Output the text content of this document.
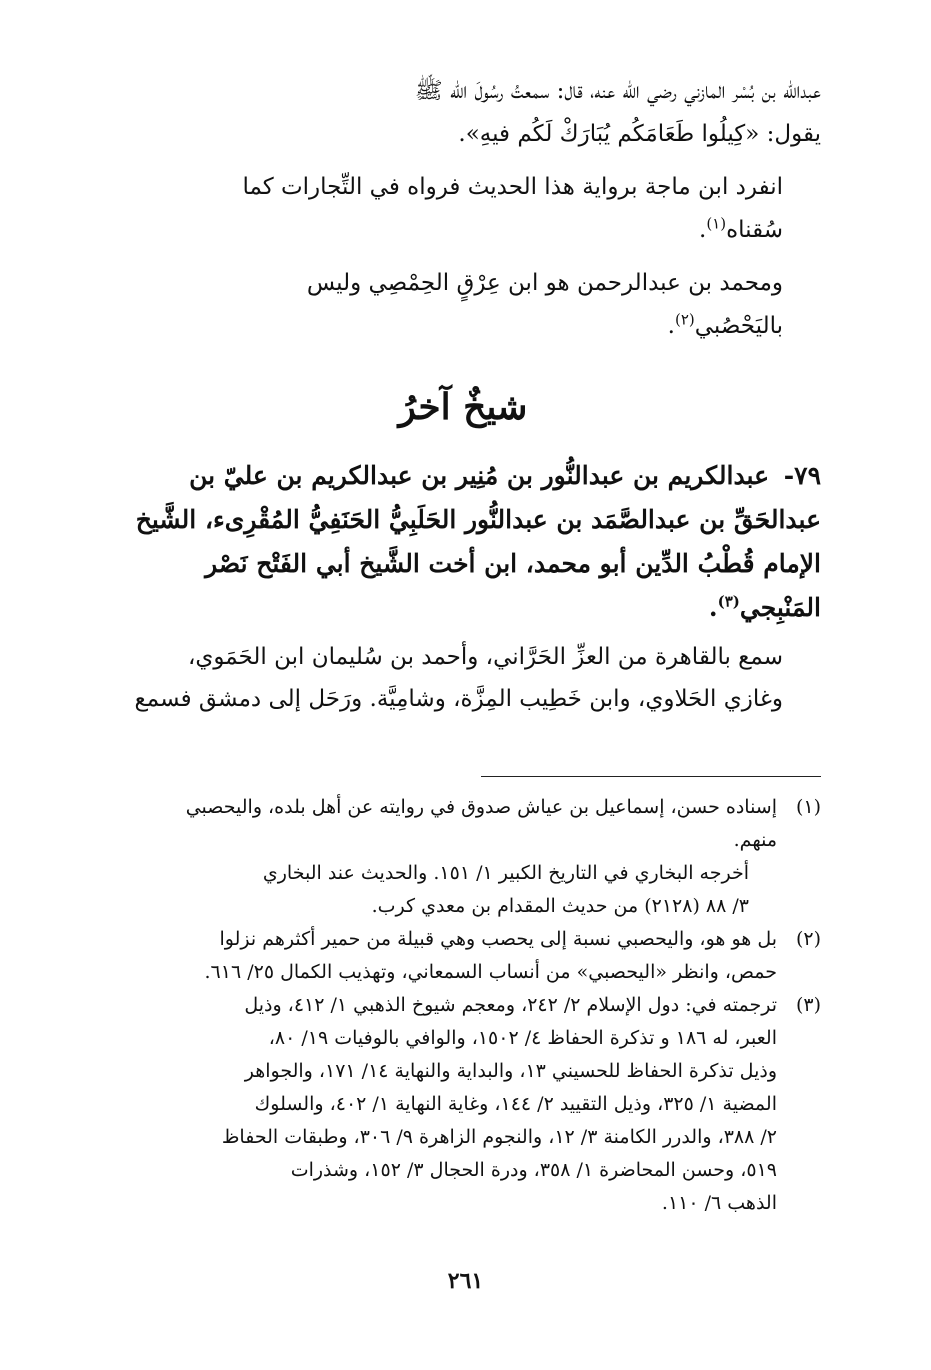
عبدالله بن بُسْر المازني رضي الله عنه، قال: سمعتُ رسُولَ الله ﷺ
يقول: «كِيلُوا طَعَامَكُم يُبَارَكْ لَكُم فيهِ».

انفرد ابن ماجة برواية هذا الحديث فرواه في التِّجارات كما
سُقناه$^{(١)}$.

ومحمد بن عبدالرحمن هو ابن عِرْقٍ الحِمْصِي وليس
باليَحْصُبي$^{(٢)}$.

شيخٌ آخرُ

٧٩- عبدالكريم بن عبدالنُّور بن مُنِير بن عبدالكريم بن عليّ بن
عبدالحَقِّ بن عبدالصَّمَد بن عبدالنُّور الحَلَبِيُّ الحَنَفِيُّ المُقْرِىء، الشَّيخ
الإمام قُطْبُ الدِّين أبو محمد، ابن أخت الشَّيخ أبي الفَتْح نَصْر
المَنْبِجي$^{(٣)}$.

سمع بالقاهرة من العزِّ الحَرَّاني، وأحمد بن سُليمان ابن الحَمَوي،
وغازي الحَلاوي، وابن خَطِيب المِزَّة، وشامِيَّة. ورَحَل إلى دمشق فسمع

(١)
إسناده حسن، إسماعيل بن عياش صدوق في روايته عن أهل بلده، واليحصبي
منهم.

أخرجه البخاري في التاريخ الكبير ١/ ١٥١. والحديث عند البخاري
٣/ ٨٨ (٢١٢٨) من حديث المقدام بن معدي كرب.

(٢)
بل هو هو، واليحصبي نسبة إلى يحصب وهي قبيلة من حمير أكثرهم نزلوا
حمص، وانظر «اليحصبي» من أنساب السمعاني، وتهذيب الكمال ٢٥/ ٦١٦.
(٣)
ترجمته في: دول الإسلام ٢/ ٢٤٢، ومعجم شيوخ الذهبي ١/ ٤١٢، وذيل
العبر، له ١٨٦ و تذكرة الحفاظ ٤/ ١٥٠٢، والوافي بالوفيات ١٩/ ٨٠،
وذيل تذكرة الحفاظ للحسيني ١٣، والبداية والنهاية ١٤/ ١٧١، والجواهر
المضية ١/ ٣٢٥، وذيل التقييد ٢/ ١٤٤، وغاية النهاية ١/ ٤٠٢، والسلوك
٢/ ٣٨٨، والدرر الكامنة ٣/ ١٢، والنجوم الزاهرة ٩/ ٣٠٦، وطبقات الحفاظ
٥١٩، وحسن المحاضرة ١/ ٣٥٨، ودرة الحجال ٣/ ١٥٢، وشذرات
الذهب ٦/ ١١٠.
٢٦١
